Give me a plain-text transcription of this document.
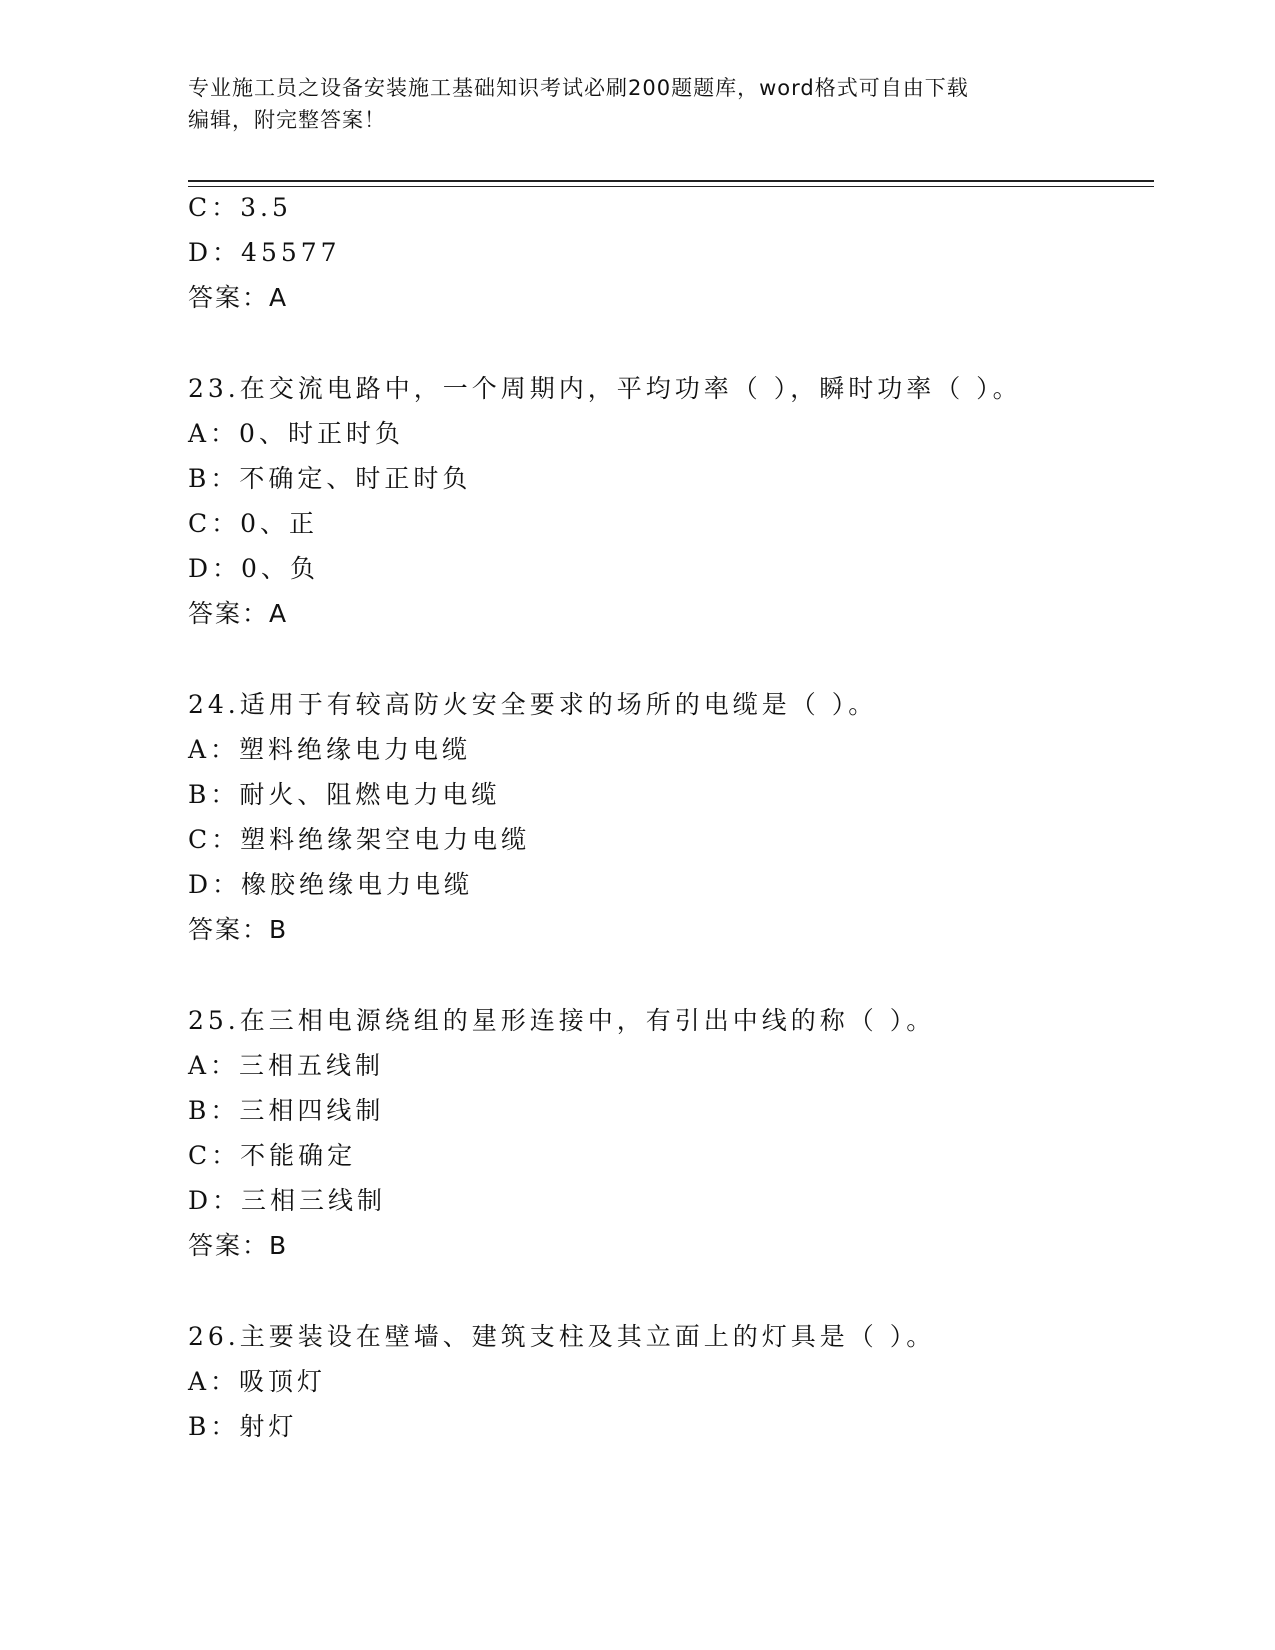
专业施工员之设备安装施工基础知识考试必刷200题题库，word格式可自由下载
编辑，附完整答案！
C：3.5
D：45577
答案：A
23.在交流电路中，一个周期内，平均功率（ ），瞬时功率（ ）。
A：0、时正时负
B：不确定、时正时负
C：0、正
D：0、负
答案：A
24.适用于有较高防火安全要求的场所的电缆是（ ）。
A：塑料绝缘电力电缆
B：耐火、阻燃电力电缆
C：塑料绝缘架空电力电缆
D：橡胶绝缘电力电缆
答案：B
25.在三相电源绕组的星形连接中，有引出中线的称（ ）。
A：三相五线制
B：三相四线制
C：不能确定
D：三相三线制
答案：B
26.主要装设在壁墙、建筑支柱及其立面上的灯具是（ ）。
A：吸顶灯
B：射灯
